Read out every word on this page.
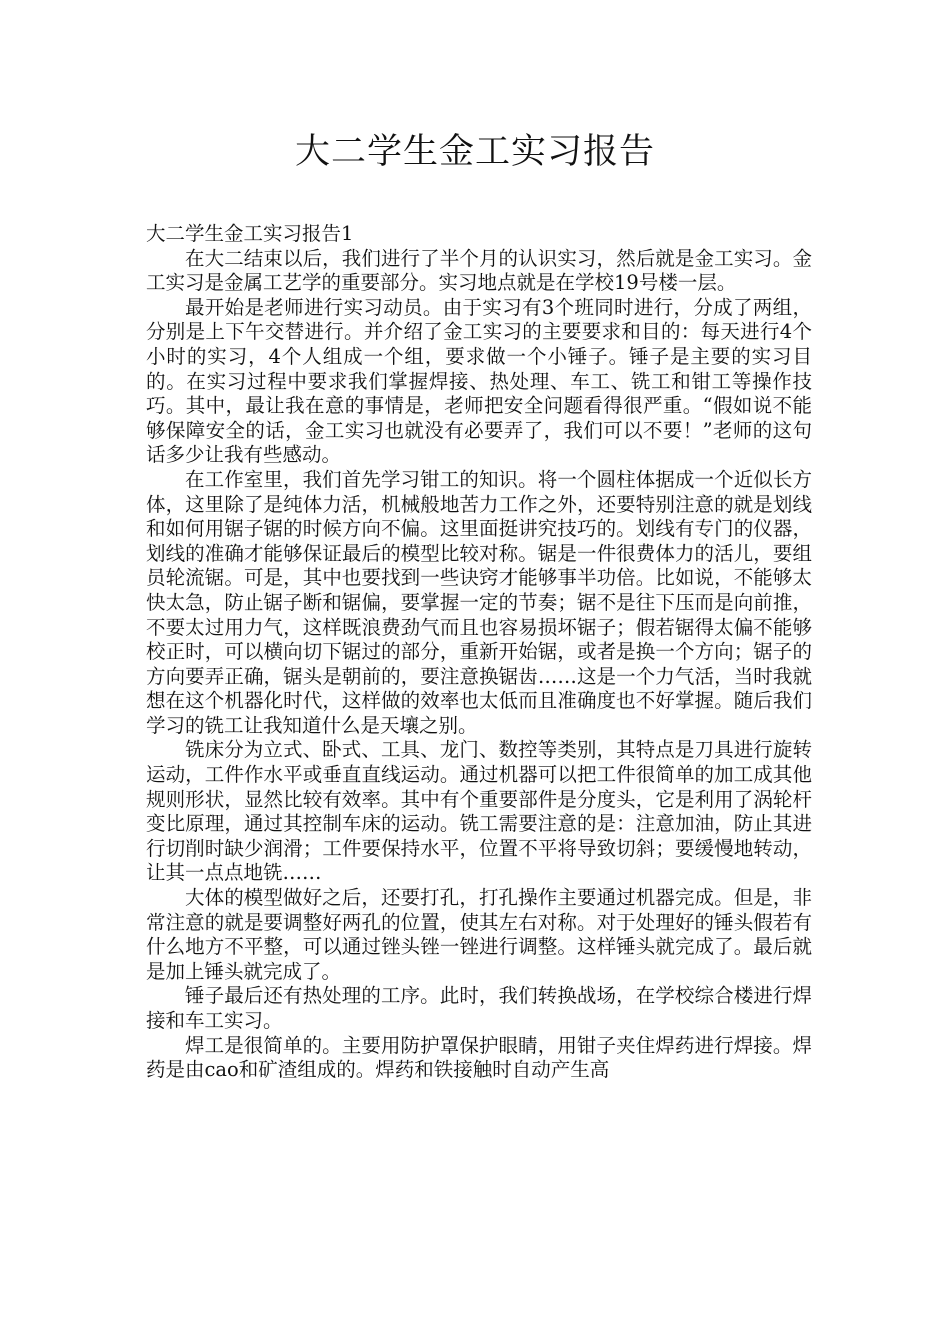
大二学生金工实习报告
大二学生金工实习报告1

在大二结束以后，我们进行了半个月的认识实习，然后就是金工实习。金工实习是金属工艺学的重要部分。实习地点就是在学校19号楼一层。

最开始是老师进行实习动员。由于实习有3个班同时进行，分成了两组，分别是上下午交替进行。并介绍了金工实习的主要要求和目的：每天进行4个小时的实习，4个人组成一个组，要求做一个小锤子。锤子是主要的实习目的。在实习过程中要求我们掌握焊接、热处理、车工、铣工和钳工等操作技巧。其中，最让我在意的事情是，老师把安全问题看得很严重。“假如说不能够保障安全的话，金工实习也就没有必要弄了，我们可以不要！”老师的这句话多少让我有些感动。

在工作室里，我们首先学习钳工的知识。将一个圆柱体据成一个近似长方体，这里除了是纯体力活，机械般地苦力工作之外，还要特别注意的就是划线和如何用锯子锯的时候方向不偏。这里面挺讲究技巧的。划线有专门的仪器，划线的准确才能够保证最后的模型比较对称。锯是一件很费体力的活儿，要组员轮流锯。可是，其中也要找到一些诀窍才能够事半功倍。比如说，不能够太快太急，防止锯子断和锯偏，要掌握一定的节奏；锯不是往下压而是向前推，不要太过用力气，这样既浪费劲气而且也容易损坏锯子；假若锯得太偏不能够校正时，可以横向切下锯过的部分，重新开始锯，或者是换一个方向；锯子的方向要弄正确，锯头是朝前的，要注意换锯齿……这是一个力气活，当时我就想在这个机器化时代，这样做的效率也太低而且准确度也不好掌握。随后我们学习的铣工让我知道什么是天壤之别。

铣床分为立式、卧式、工具、龙门、数控等类别，其特点是刀具进行旋转运动，工件作水平或垂直直线运动。通过机器可以把工件很简单的加工成其他规则形状，显然比较有效率。其中有个重要部件是分度头，它是利用了涡轮杆变比原理，通过其控制车床的运动。铣工需要注意的是：注意加油，防止其进行切削时缺少润滑；工件要保持水平，位置不平将导致切斜；要缓慢地转动，让其一点点地铣……

大体的模型做好之后，还要打孔，打孔操作主要通过机器完成。但是，非常注意的就是要调整好两孔的位置，使其左右对称。对于处理好的锤头假若有什么地方不平整，可以通过锉头锉一锉进行调整。这样锤头就完成了。最后就是加上锤头就完成了。

锤子最后还有热处理的工序。此时，我们转换战场，在学校综合楼进行焊接和车工实习。

焊工是很简单的。主要用防护罩保护眼睛，用钳子夹住焊药进行焊接。焊药是由cao和矿渣组成的。焊药和铁接触时自动产生高
